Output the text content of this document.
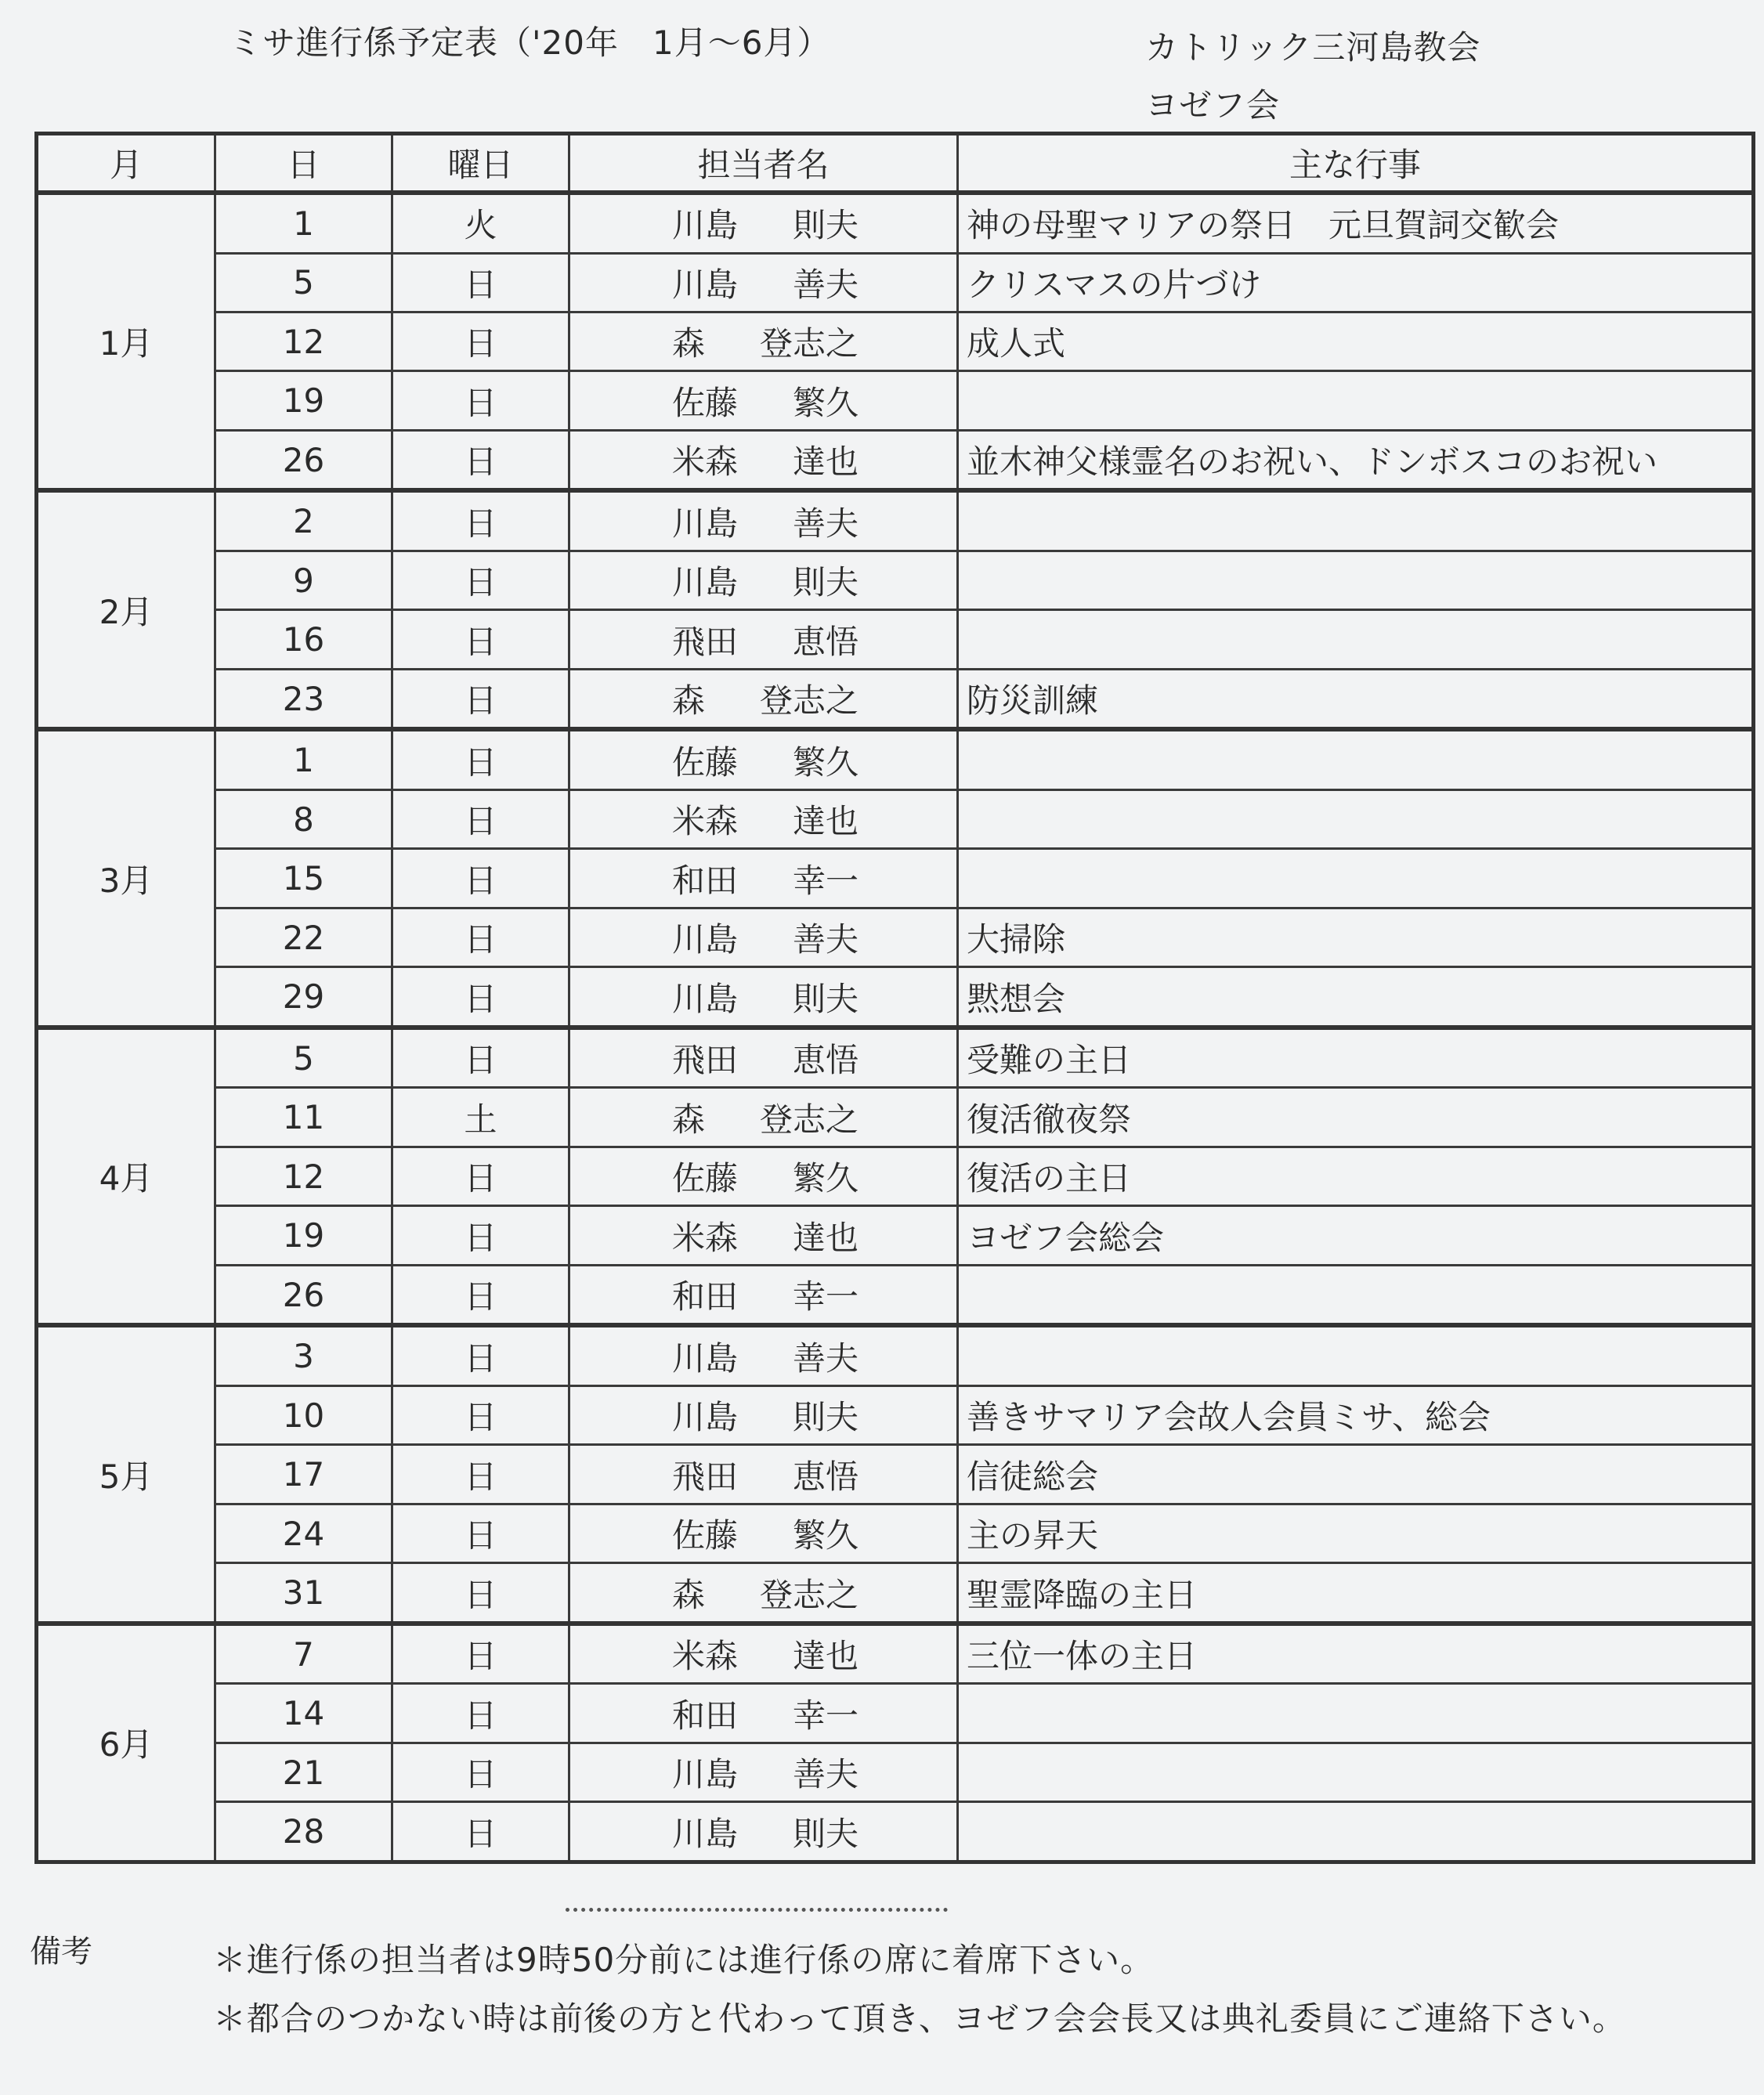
ミサ進行係予定表（'20年　1月～6月）	カトリック三河島教会
ヨゼフ会
月	日	曜日	担当者名	主な行事
1月	1	火	川島 則夫	神の母聖マリアの祭日　元旦賀詞交歓会
	5	日	川島 善夫	クリスマスの片づけ
	12	日	森 登志之	成人式
	19	日	佐藤 繁久	
	26	日	米森 達也	並木神父様霊名のお祝い、ドンボスコのお祝い
2月	2	日	川島 善夫	
	9	日	川島 則夫	
	16	日	飛田 恵悟	
	23	日	森 登志之	防災訓練
3月	1	日	佐藤 繁久	
	8	日	米森 達也	
	15	日	和田 幸一	
	22	日	川島 善夫	大掃除
	29	日	川島 則夫	黙想会
4月	5	日	飛田 恵悟	受難の主日
	11	土	森 登志之	復活徹夜祭
	12	日	佐藤 繁久	復活の主日
	19	日	米森 達也	ヨゼフ会総会
	26	日	和田 幸一	
5月	3	日	川島 善夫	
	10	日	川島 則夫	善きサマリア会故人会員ミサ、総会
	17	日	飛田 恵悟	信徒総会
	24	日	佐藤 繁久	主の昇天
	31	日	森 登志之	聖霊降臨の主日
6月	7	日	米森 達也	三位一体の主日
	14	日	和田 幸一	
	21	日	川島 善夫	
	28	日	川島 則夫	
備考	＊進行係の担当者は9時50分前には進行係の席に着席下さい。
＊都合のつかない時は前後の方と代わって頂き、ヨゼフ会会長又は典礼委員にご連絡下さい。
